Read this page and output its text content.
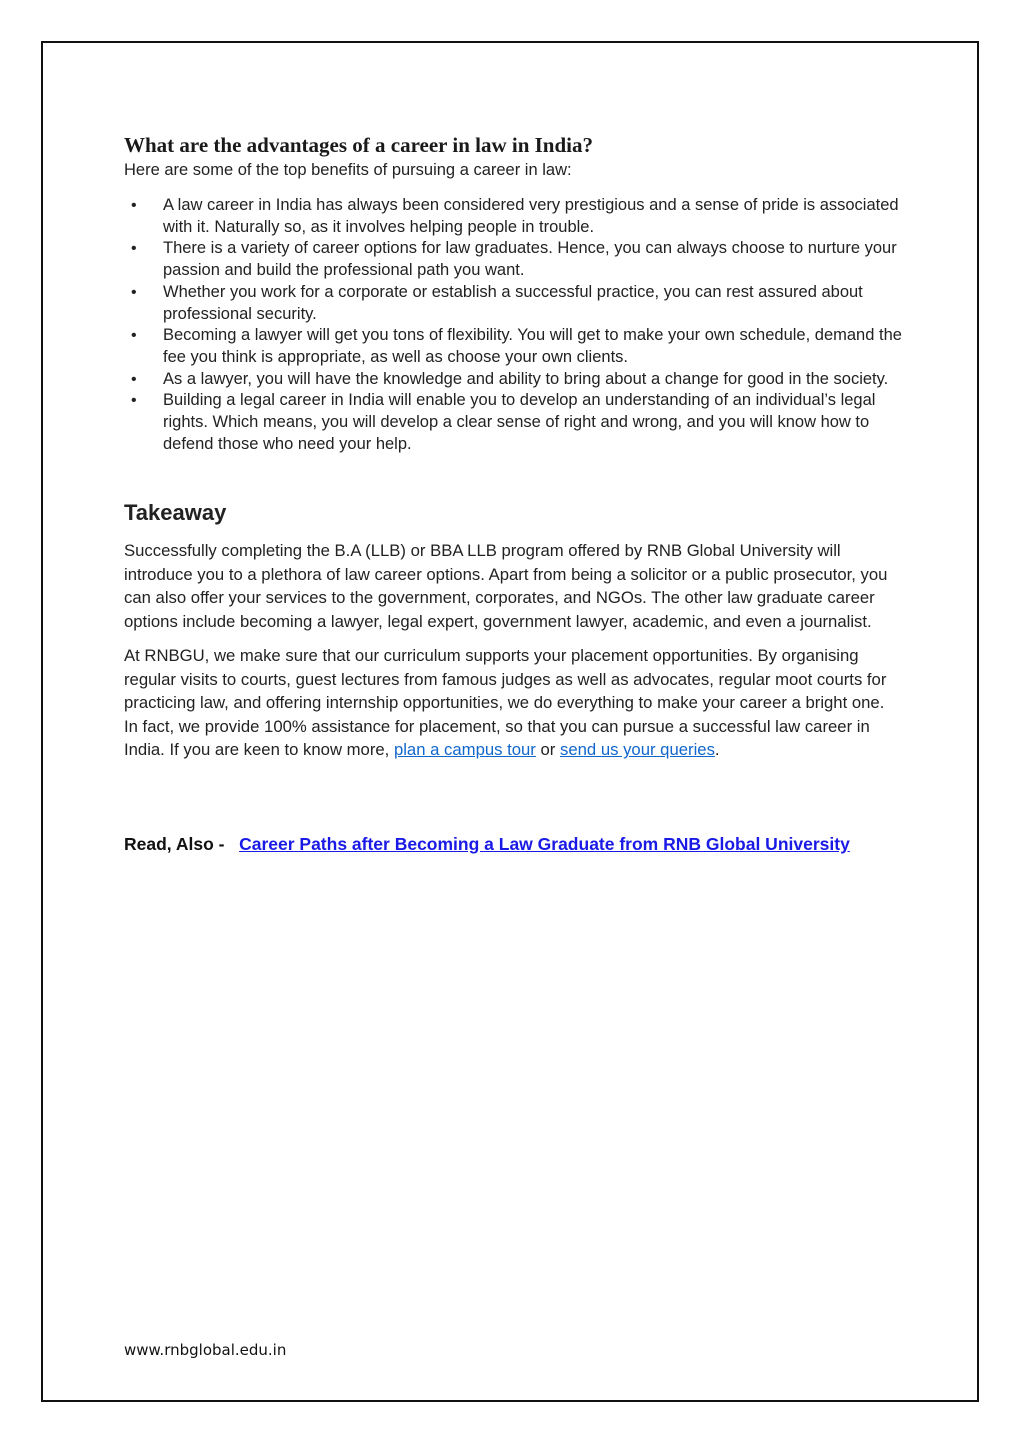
What are the advantages of a career in law in India?

Here are some of the top benefits of pursuing a career in law:

• A law career in India has always been considered very prestigious and a sense of pride is associated with it. Naturally so, as it involves helping people in trouble.
• There is a variety of career options for law graduates. Hence, you can always choose to nurture your passion and build the professional path you want.
• Whether you work for a corporate or establish a successful practice, you can rest assured about professional security.
• Becoming a lawyer will get you tons of flexibility. You will get to make your own schedule, demand the fee you think is appropriate, as well as choose your own clients.
• As a lawyer, you will have the knowledge and ability to bring about a change for good in the society.
• Building a legal career in India will enable you to develop an understanding of an individual’s legal rights. Which means, you will develop a clear sense of right and wrong, and you will know how to defend those who need your help.
Takeaway

Successfully completing the B.A (LLB) or BBA LLB program offered by RNB Global University will introduce you to a plethora of law career options. Apart from being a solicitor or a public prosecutor, you can also offer your services to the government, corporates, and NGOs. The other law graduate career options include becoming a lawyer, legal expert, government lawyer, academic, and even a journalist.

At RNBGU, we make sure that our curriculum supports your placement opportunities. By organising regular visits to courts, guest lectures from famous judges as well as advocates, regular moot courts for practicing law, and offering internship opportunities, we do everything to make your career a bright one. In fact, we provide 100% assistance for placement, so that you can pursue a successful law career in India. If you are keen to know more, plan a campus tour or send us your queries.

Read, Also - Career Paths after Becoming a Law Graduate from RNB Global University
www.rnbglobal.edu.in
